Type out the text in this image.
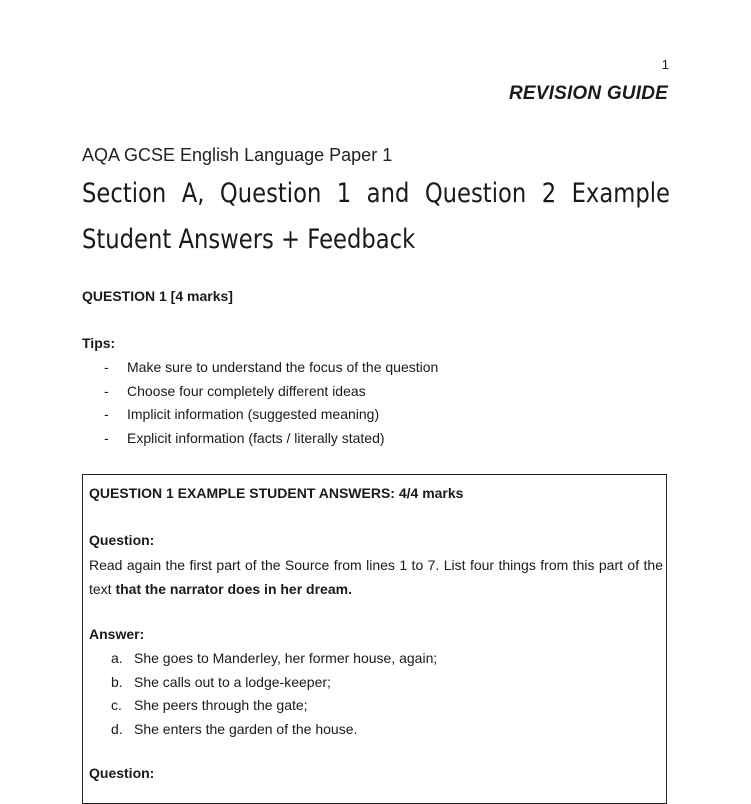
1
REVISION GUIDE
AQA GCSE English Language Paper 1
Section A, Question 1 and Question 2 Example Student Answers + Feedback
QUESTION 1 [4 marks]
Tips:
- Make sure to understand the focus of the question
- Choose four completely different ideas
- Implicit information (suggested meaning)
- Explicit information (facts / literally stated)
QUESTION 1 EXAMPLE STUDENT ANSWERS: 4/4 marks
Question:
Read again the first part of the Source from lines 1 to 7. List four things from this part of the text that the narrator does in her dream.
Answer:
a. She goes to Manderley, her former house, again;
b. She calls out to a lodge-keeper;
c. She peers through the gate;
d. She enters the garden of the house.
Question:
